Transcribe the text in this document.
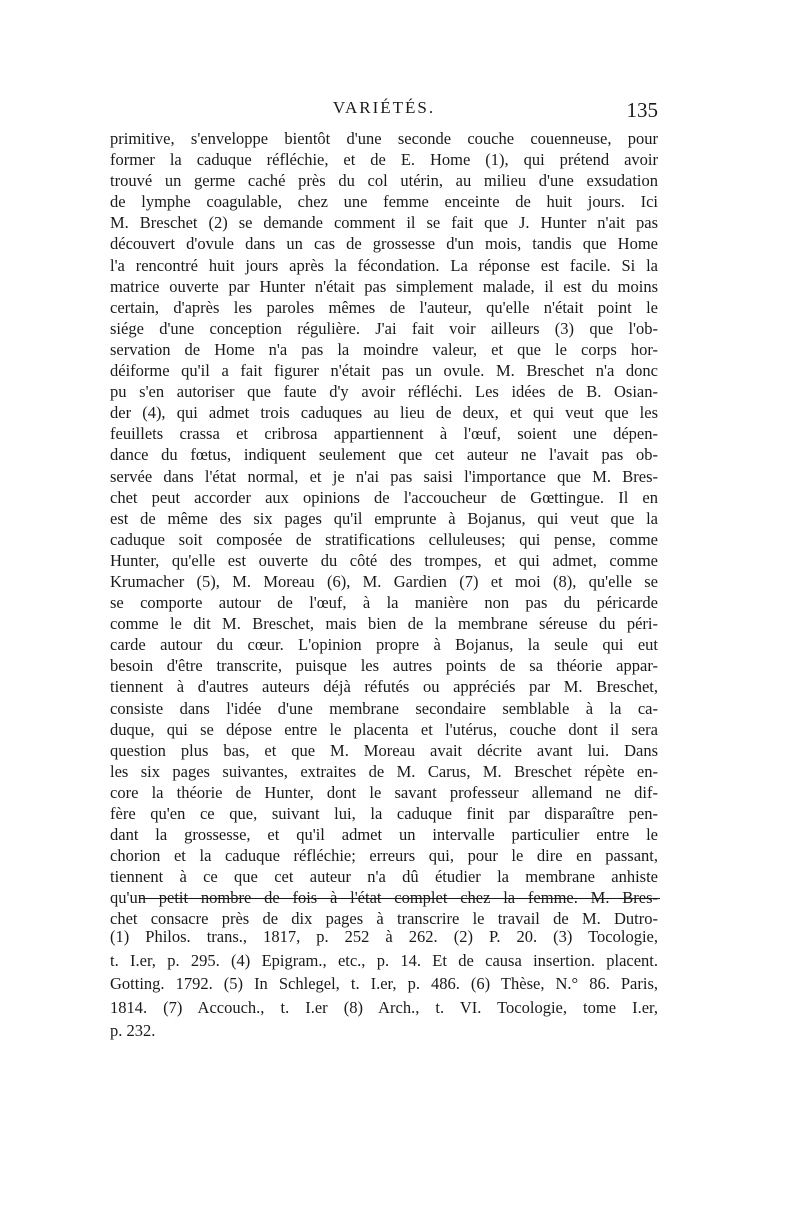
VARIÉTÉS.	135
primitive, s'enveloppe bientôt d'une seconde couche couenneuse, pour
former la caduque réfléchie, et de E. Home (1), qui prétend avoir
trouvé un germe caché près du col utérin, au milieu d'une exsudation
de lymphe coagulable, chez une femme enceinte de huit jours. Ici
M. Breschet (2) se demande comment il se fait que J. Hunter n'ait pas
découvert d'ovule dans un cas de grossesse d'un mois, tandis que Home
l'a rencontré huit jours après la fécondation. La réponse est facile. Si la
matrice ouverte par Hunter n'était pas simplement malade, il est du moins
certain, d'après les paroles mêmes de l'auteur, qu'elle n'était point le
siége d'une conception régulière. J'ai fait voir ailleurs (3) que l'ob-
servation de Home n'a pas la moindre valeur, et que le corps hor-
déiforme qu'il a fait figurer n'était pas un ovule. M. Breschet n'a donc
pu s'en autoriser que faute d'y avoir réfléchi. Les idées de B. Osian-
der (4), qui admet trois caduques au lieu de deux, et qui veut que les
feuillets crassa et cribrosa appartiennent à l'œuf, soient une dépen-
dance du fœtus, indiquent seulement que cet auteur ne l'avait pas ob-
servée dans l'état normal, et je n'ai pas saisi l'importance que M. Bres-
chet peut accorder aux opinions de l'accoucheur de Gœttingue. Il en
est de même des six pages qu'il emprunte à Bojanus, qui veut que la
caduque soit composée de stratifications celluleuses; qui pense, comme
Hunter, qu'elle est ouverte du côté des trompes, et qui admet, comme
Krumacher (5), M. Moreau (6), M. Gardien (7) et moi (8), qu'elle se
se comporte autour de l'œuf, à la manière non pas du péricarde
comme le dit M. Breschet, mais bien de la membrane séreuse du péri-
carde autour du cœur. L'opinion propre à Bojanus, la seule qui eut
besoin d'être transcrite, puisque les autres points de sa théorie appar-
tiennent à d'autres auteurs déjà réfutés ou appréciés par M. Breschet,
consiste dans l'idée d'une membrane secondaire semblable à la ca-
duque, qui se dépose entre le placenta et l'utérus, couche dont il sera
question plus bas, et que M. Moreau avait décrite avant lui. Dans
les six pages suivantes, extraites de M. Carus, M. Breschet répète en-
core la théorie de Hunter, dont le savant professeur allemand ne dif-
fère qu'en ce que, suivant lui, la caduque finit par disparaître pen-
dant la grossesse, et qu'il admet un intervalle particulier entre le
chorion et la caduque réfléchie; erreurs qui, pour le dire en passant,
tiennent à ce que cet auteur n'a dû étudier la membrane anhiste
qu'un petit nombre de fois à l'état complet chez la femme. M. Bres-
chet consacre près de dix pages à transcrire le travail de M. Dutro-
(1) Philos. trans., 1817, p. 252 à 262. (2) P. 20. (3) Tocologie,
t. I.er, p. 295. (4) Epigram., etc., p. 14. Et de causa insertion. placent.
Gotting. 1792. (5) In Schlegel, t. I.er, p. 486. (6) Thèse, N.° 86. Paris,
1814. (7) Accouch., t. I.er (8) Arch., t. VI. Tocologie, tome I.er,
p. 232.
